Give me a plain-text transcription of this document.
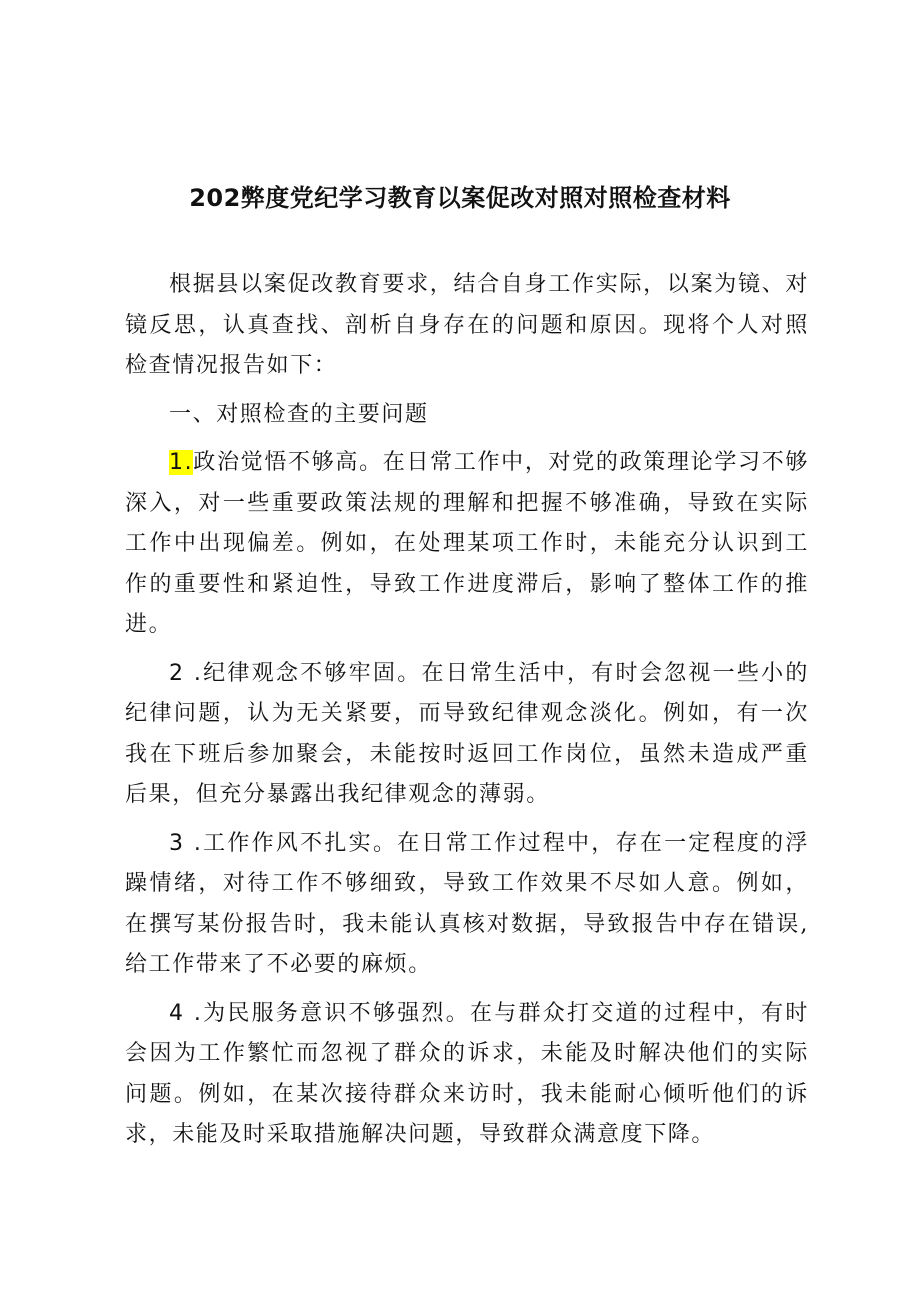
202弊度党纪学习教育以案促改对照对照检查材料

根据县以案促改教育要求，结合自身工作实际，以案为镜、对镜反思，认真查找、剖析自身存在的问题和原因。现将个人对照检查情况报告如下：

一、对照检查的主要问题

1.政治觉悟不够高。在日常工作中，对党的政策理论学习不够深入，对一些重要政策法规的理解和把握不够准确，导致在实际工作中出现偏差。例如，在处理某项工作时，未能充分认识到工作的重要性和紧迫性，导致工作进度滞后，影响了整体工作的推进。

2 .纪律观念不够牢固。在日常生活中，有时会忽视一些小的纪律问题，认为无关紧要，而导致纪律观念淡化。例如，有一次我在下班后参加聚会，未能按时返回工作岗位，虽然未造成严重后果，但充分暴露出我纪律观念的薄弱。

3 .工作作风不扎实。在日常工作过程中，存在一定程度的浮躁情绪，对待工作不够细致，导致工作效果不尽如人意。例如，在撰写某份报告时，我未能认真核对数据，导致报告中存在错误,给工作带来了不必要的麻烦。

4 .为民服务意识不够强烈。在与群众打交道的过程中，有时会因为工作繁忙而忽视了群众的诉求，未能及时解决他们的实际问题。例如，在某次接待群众来访时，我未能耐心倾听他们的诉求，未能及时采取措施解决问题，导致群众满意度下降。
